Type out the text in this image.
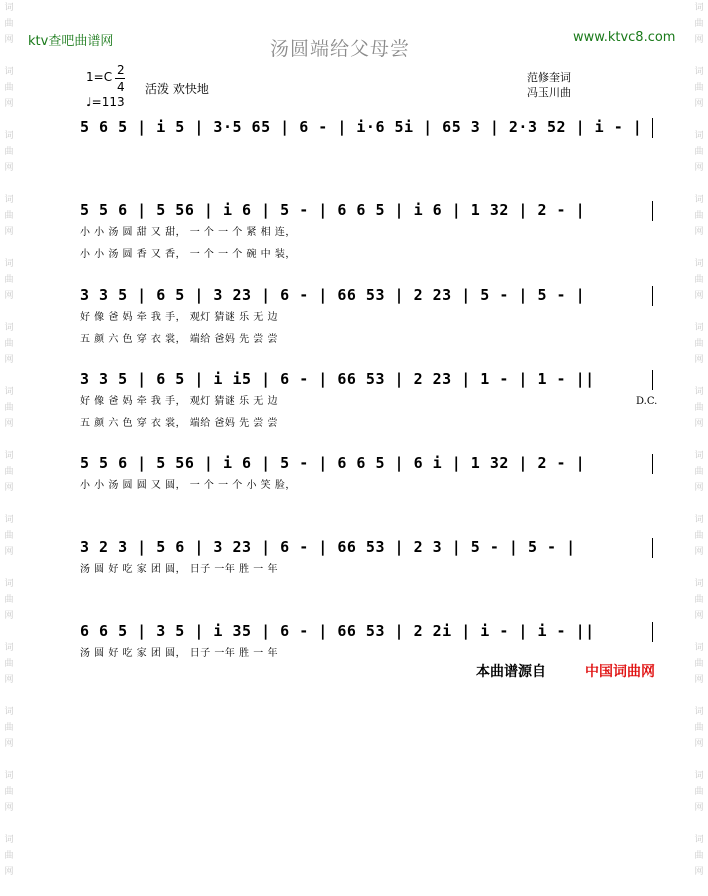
词
曲
网

词
曲
网

词
曲
网

词
曲
网

词
曲
网

词
曲
网

词
曲
网

词
曲
网

词
曲
网

词
曲
网

词
曲
网

词
曲
网

词
曲
网

词
曲
网

词
曲
网

词
曲
网

词
曲
网

词
曲
网

词
曲
网

词
曲
网

词
曲
网

词
曲
网

词
曲
网

词
曲
网

词
曲
网

词
曲
网

词
曲
网

词
曲
网

ktv查吧曲谱网	www.ktvc8.com
汤圆端给父母尝
1=C 2
4 活泼 欢快地
♩=113
范修奎词
冯玉川曲
5 6 5 | i 5 | 3·5 65 | 6 - | i·6 5i | 65 3 | 2·3 52 | i - |
5 5 6 | 5 56 | i 6 | 5 - | 6 6 5 | i 6 | 1 32 | 2 - |
小 小 汤 圆 甜 又 甜， 一 个 一 个 紧 相 连，
小 小 汤 圆 香 又 香， 一 个 一 个 碗 中 装，
3 3 5 | 6 5 | 3 23 | 6 - | 66 53 | 2 23 | 5 - | 5 - |
好 像 爸 妈 牵 我 手， 观灯 猜谜 乐 无 边
五 颜 六 色 穿 衣 裳， 端给 爸妈 先 尝 尝
3 3 5 | 6 5 | i i5 | 6 - | 66 53 | 2 23 | 1 - | 1 - ||
好 像 爸 妈 牵 我 手， 观灯 猜谜 乐 无 边
五 颜 六 色 穿 衣 裳， 端给 爸妈 先 尝 尝
5 5 6 | 5 56 | i 6 | 5 - | 6 6 5 | 6 i | 1 32 | 2 - |
小 小 汤 圆 圆 又 圆， 一 个 一 个 小 笑 脸，
3 2 3 | 5 6 | 3 23 | 6 - | 66 53 | 2 3 | 5 - | 5 - |
汤 圆 好 吃 家 团 圆， 日子 一年 胜 一 年
6 6 5 | 3 5 | i 35 | 6 - | 66 53 | 2 2i | i - | i - ||
汤 圆 好 吃 家 团 圆， 日子 一年 胜 一 年
D.C.
本曲谱源自	中国词曲网
